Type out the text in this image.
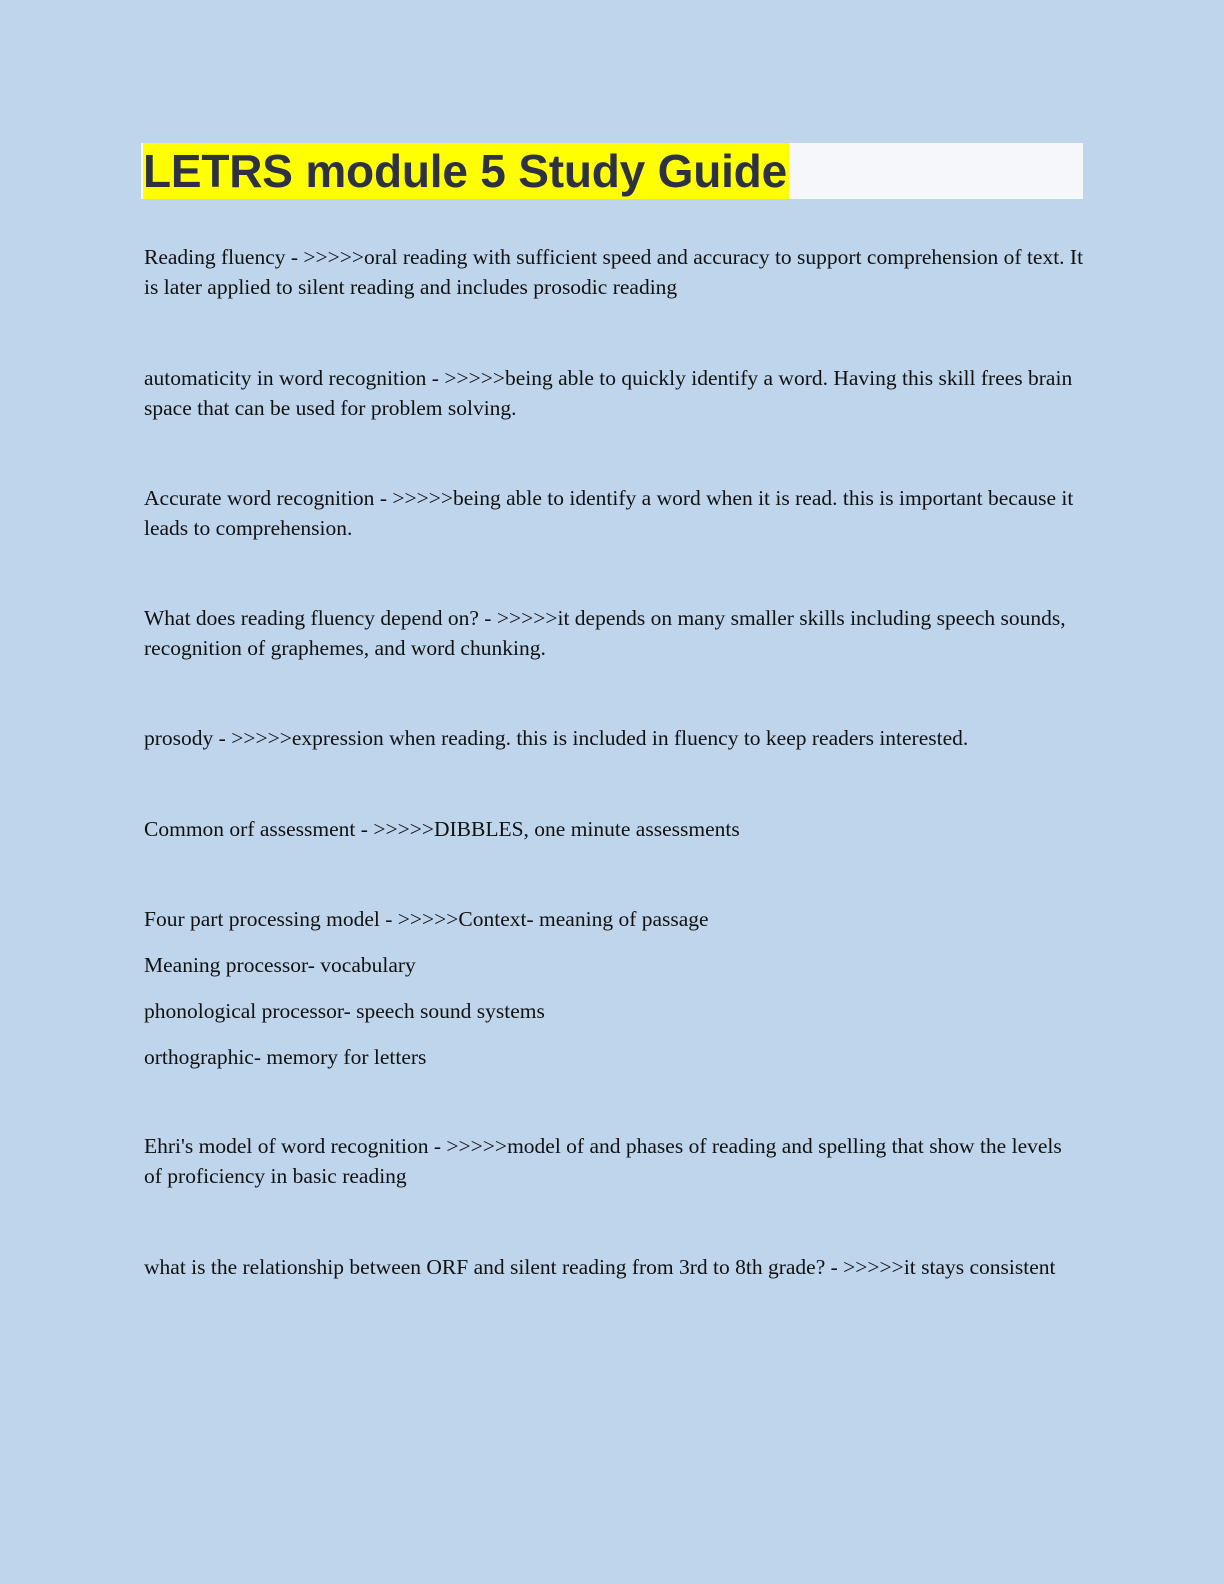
LETRS module 5 Study Guide

Reading fluency - >>>>>oral reading with sufficient speed and accuracy to support comprehension of text. It is later applied to silent reading and includes prosodic reading

automaticity in word recognition - >>>>>being able to quickly identify a word. Having this skill frees brain space that can be used for problem solving.

Accurate word recognition - >>>>>being able to identify a word when it is read. this is important because it leads to comprehension.

What does reading fluency depend on? - >>>>>it depends on many smaller skills including speech sounds, recognition of graphemes, and word chunking.

prosody - >>>>>expression when reading. this is included in fluency to keep readers interested.

Common orf assessment - >>>>>DIBBLES, one minute assessments

Four part processing model - >>>>>Context- meaning of passage

Meaning processor- vocabulary

phonological processor- speech sound systems

orthographic- memory for letters

Ehri's model of word recognition - >>>>>model of and phases of reading and spelling that show the levels of proficiency in basic reading

what is the relationship between ORF and silent reading from 3rd to 8th grade? - >>>>>it stays consistent
